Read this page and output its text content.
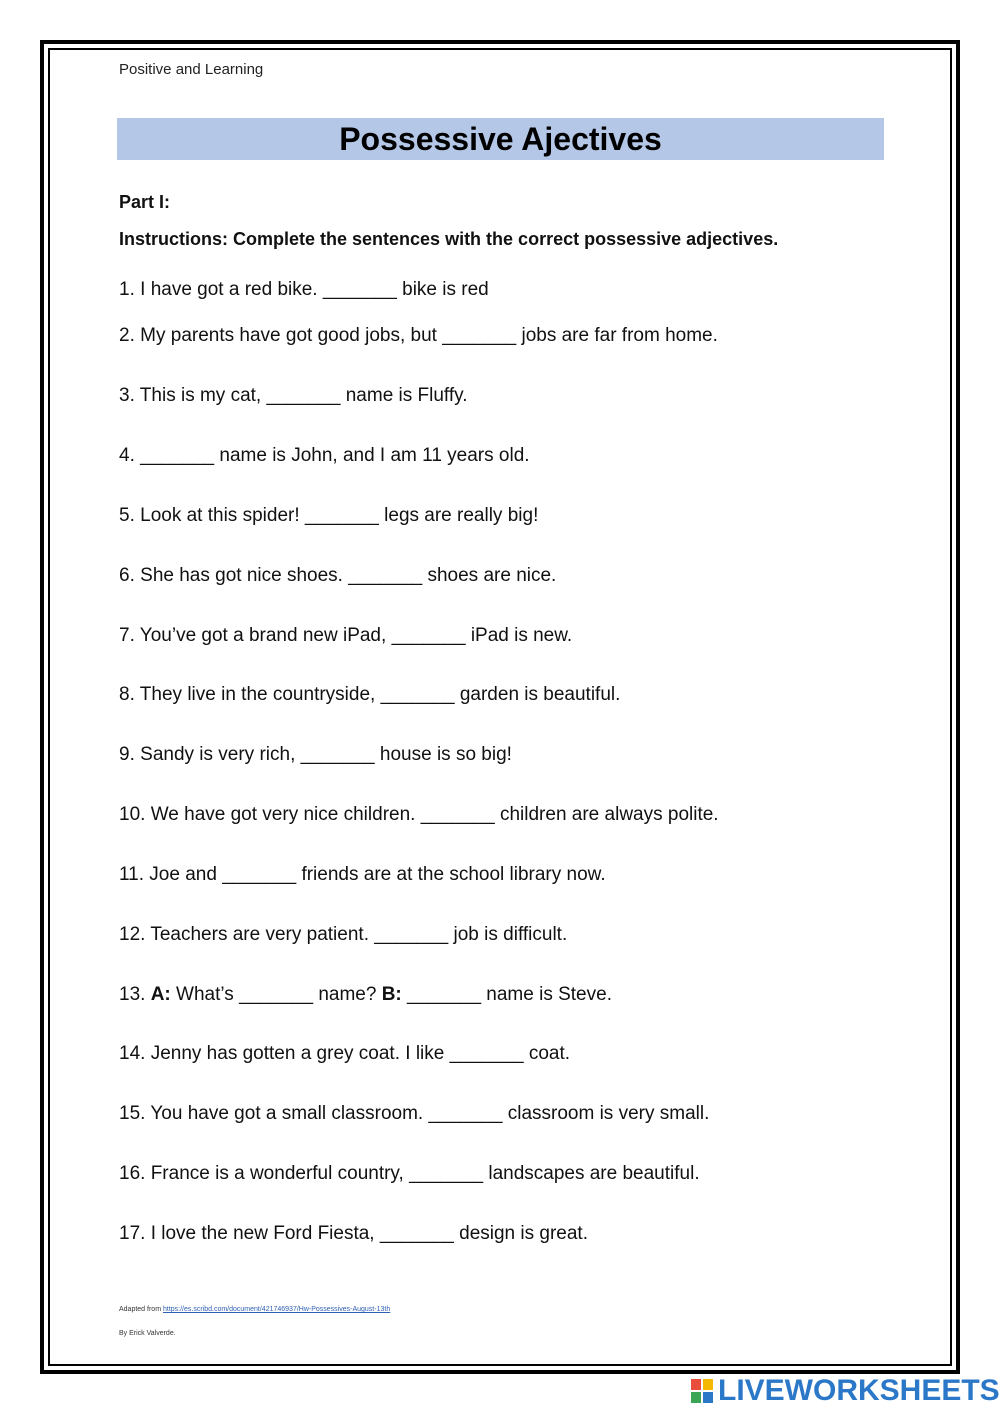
Positive and Learning
Possessive Ajectives
Part I:
Instructions: Complete the sentences with the correct possessive adjectives.
1. I have got a red bike. _______ bike is red
2. My parents have got good jobs, but _______ jobs are far from home.
3. This is my cat, _______ name is Fluffy.
4. _______ name is John, and I am 11 years old.
5. Look at this spider! _______ legs are really big!
6. She has got nice shoes. _______ shoes are nice.
7. You’ve got a brand new iPad, _______ iPad is new.
8. They live in the countryside, _______ garden is beautiful.
9. Sandy is very rich, _______ house is so big!
10. We have got very nice children. _______ children are always polite.
11. Joe and _______ friends are at the school library now.
12. Teachers are very patient. _______ job is difficult.
13. A: What’s _______ name? B: _______ name is Steve.
14. Jenny has gotten a grey coat. I like _______ coat.
15. You have got a small classroom. _______ classroom is very small.
16. France is a wonderful country, _______ landscapes are beautiful.
17. I love the new Ford Fiesta, _______ design is great.
Adapted from https://es.scribd.com/document/421746937/Hw-Possessives-August-13th
By Erick Valverde.
LIVEWORKSHEETS
